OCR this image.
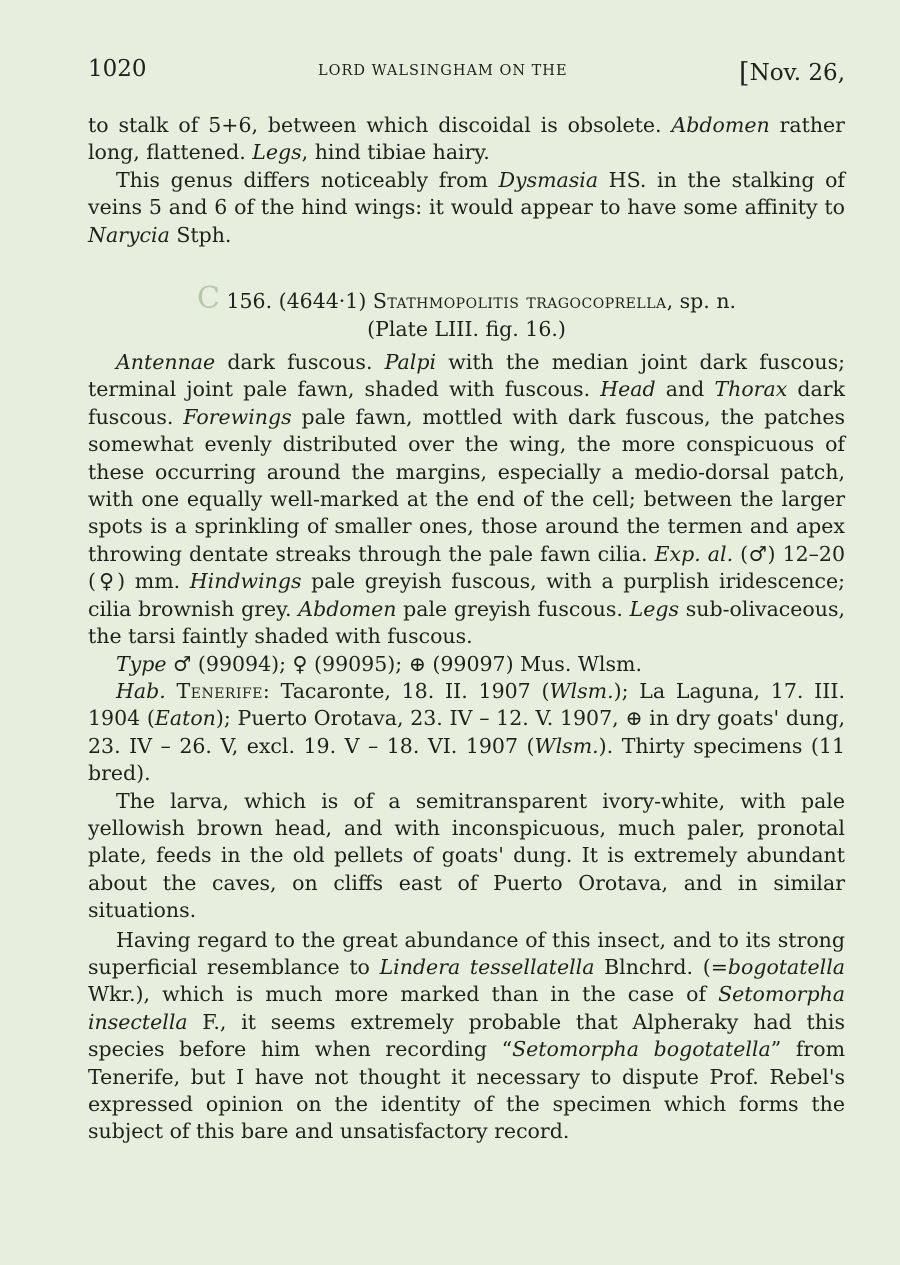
1020	LORD WALSINGHAM ON THE	[Nov. 26,

to stalk of 5+6, between which discoidal is obsolete. Abdomen rather long, flattened. Legs, hind tibiae hairy.

This genus differs noticeably from Dysmasia HS. in the stalking of veins 5 and 6 of the hind wings: it would appear to have some affinity to Narycia Stph.

C 156. (4644·1) Stathmopolitis tragocoprella, sp. n.
(Plate LIII. fig. 16.)

Antennae dark fuscous. Palpi with the median joint dark fuscous; terminal joint pale fawn, shaded with fuscous. Head and Thorax dark fuscous. Forewings pale fawn, mottled with dark fuscous, the patches somewhat evenly distributed over the wing, the more conspicuous of these occurring around the margins, especially a medio-dorsal patch, with one equally well-marked at the end of the cell; between the larger spots is a sprinkling of smaller ones, those around the termen and apex throwing dentate streaks through the pale fawn cilia. Exp. al. (♂) 12–20 (♀) mm. Hindwings pale greyish fuscous, with a purplish iridescence; cilia brownish grey. Abdomen pale greyish fuscous. Legs sub-olivaceous, the tarsi faintly shaded with fuscous.

Type ♂ (99094); ♀ (99095); ⊕ (99097) Mus. Wlsm.

Hab. Tenerife: Tacaronte, 18. II. 1907 (Wlsm.); La Laguna, 17. III. 1904 (Eaton); Puerto Orotava, 23. IV – 12. V. 1907, ⊕ in dry goats' dung, 23. IV – 26. V, excl. 19. V – 18. VI. 1907 (Wlsm.). Thirty specimens (11 bred).

The larva, which is of a semitransparent ivory-white, with pale yellowish brown head, and with inconspicuous, much paler, pronotal plate, feeds in the old pellets of goats' dung. It is extremely abundant about the caves, on cliffs east of Puerto Orotava, and in similar situations.

Having regard to the great abundance of this insect, and to its strong superficial resemblance to Lindera tessellatella Blnchrd. (=bogotatella Wkr.), which is much more marked than in the case of Setomorpha insectella F., it seems extremely probable that Alpheraky had this species before him when recording “Setomorpha bogotatella” from Tenerife, but I have not thought it necessary to dispute Prof. Rebel's expressed opinion on the identity of the specimen which forms the subject of this bare and unsatisfactory record.
